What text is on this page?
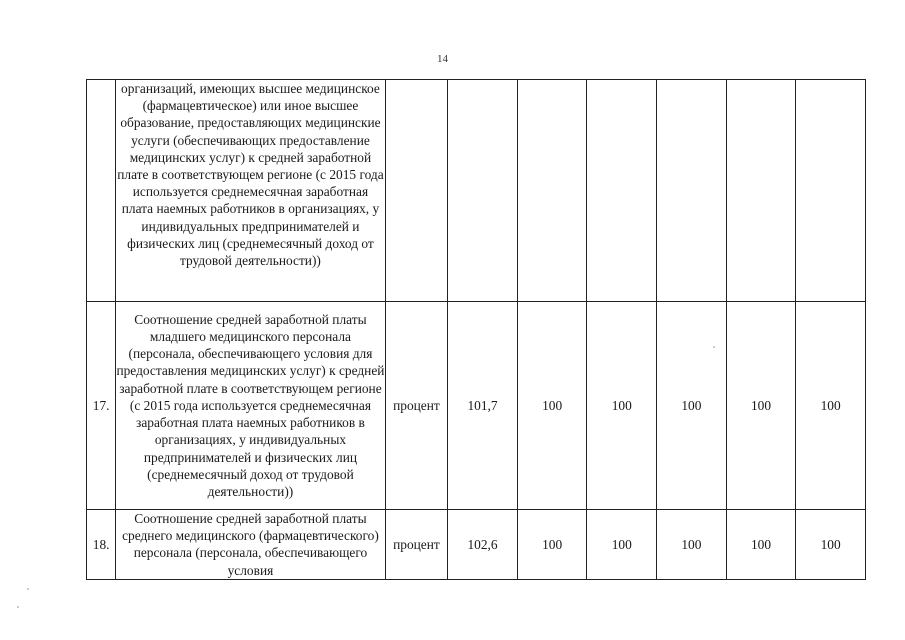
14

	организаций, имеющих высшее медицинское (фармацевтическое) или иное высшее образование, предоставляющих медицинские услуги (обеспечивающих предоставление медицинских услуг) к средней заработной плате в соответствующем регионе (с 2015 года используется среднемесячная заработная плата наемных работников в организациях, у индивидуальных предпринимателей и физических лиц (среднемесячный доход от трудовой деятельности))							

17.	Соотношение средней заработной платы младшего медицинского персонала (персонала, обеспечивающего условия для предоставления медицинских услуг) к средней заработной плате в соответствующем регионе (с 2015 года используется среднемесячная заработная плата наемных работников в организациях, у индивидуальных предпринимателей и физических лиц (среднемесячный доход от трудовой деятельности))	процент	101,7	100	100	100	100	100
18.	Соотношение средней заработной платы среднего медицинского (фармацевтического) персонала (персонала, обеспечивающего условия	процент	102,6	100	100	100	100	100
